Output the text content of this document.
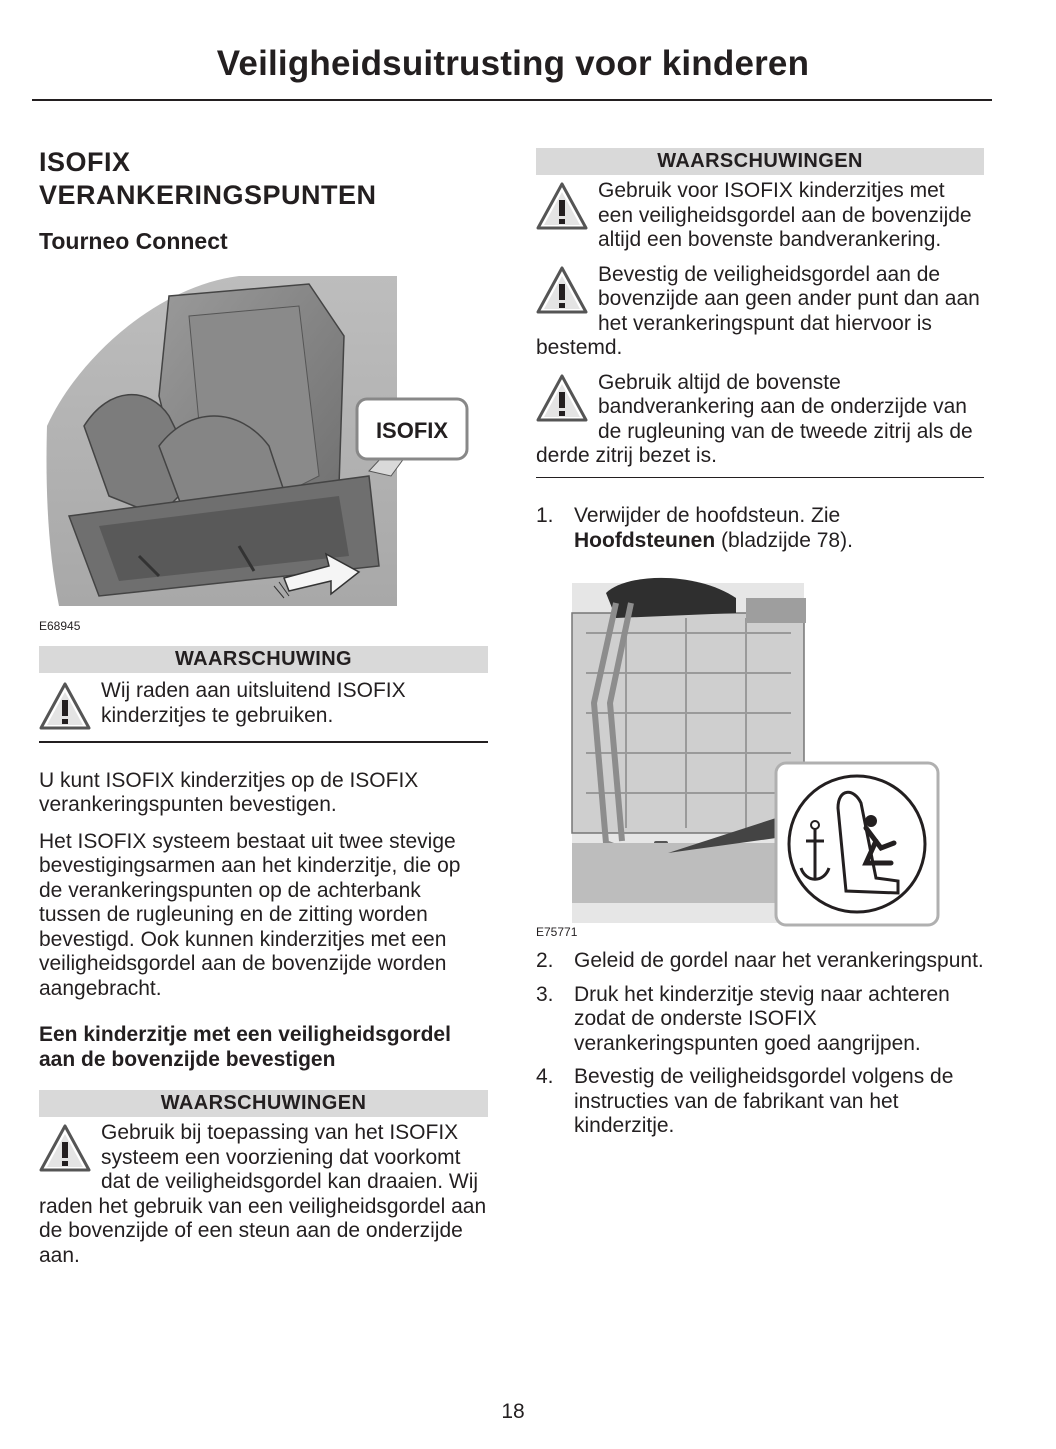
Veiligheidsuitrusting voor kinderen
ISOFIX
VERANKERINGSPUNTEN
Tourneo Connect
ISOFIX
E68945
WAARSCHUWING

Wij raden aan uitsluitend ISOFIX kinderzitjes te gebruiken.

U kunt ISOFIX kinderzitjes op de ISOFIX verankeringspunten bevestigen.

Het ISOFIX systeem bestaat uit twee stevige bevestigingsarmen aan het kinderzitje, die op de verankeringspunten op de achterbank tussen de rugleuning en de zitting worden bevestigd. Ook kunnen kinderzitjes met een veiligheidsgordel aan de bovenzijde worden aangebracht.

Een kinderzitje met een veiligheidsgordel aan de bovenzijde bevestigen
WAARSCHUWINGEN

Gebruik bij toepassing van het ISOFIX systeem een voorziening dat voorkomt dat de veiligheidsgordel kan draaien. Wij raden het gebruik van een veiligheidsgordel aan de bovenzijde of een steun aan de onderzijde aan.

WAARSCHUWINGEN

Gebruik voor ISOFIX kinderzitjes met een veiligheidsgordel aan de bovenzijde altijd een bovenste bandverankering.

Bevestig de veiligheidsgordel aan de bovenzijde aan geen ander punt dan aan het verankeringspunt dat hiervoor is bestemd.

Gebruik altijd de bovenste bandverankering aan de onderzijde van de rugleuning van de tweede zitrij als de derde zitrij bezet is.

1. Verwijder de hoofdsteun. Zie Hoofdsteunen (bladzijde 78).
E75771
2. Geleid de gordel naar het verankeringspunt.
3. Druk het kinderzitje stevig naar achteren zodat de onderste ISOFIX verankeringspunten goed aangrijpen.
4. Bevestig de veiligheidsgordel volgens de instructies van de fabrikant van het kinderzitje.
18
